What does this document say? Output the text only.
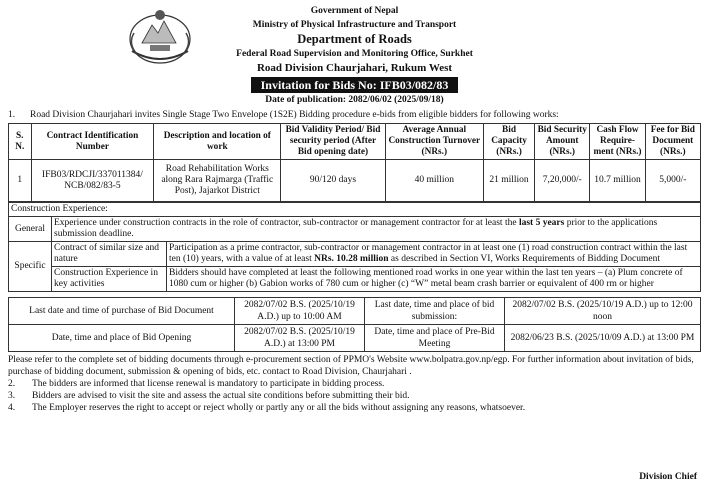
Government of Nepal
Ministry of Physical Infrastructure and Transport
Department of Roads
Federal Road Supervision and Monitoring Office, Surkhet
Road Division Chaurjahari, Rukum West
Invitation for Bids No: IFB03/082/83
Date of publication: 2082/06/02 (2025/09/18)
1. Road Division Chaurjahari invites Single Stage Two Envelope (1S2E) Bidding procedure e-bids from eligible bidders for following works:
S. N.	Contract Identification Number	Description and location of work	Bid Validity Period/ Bid security period (After Bid opening date)	Average Annual Construction Turnover (NRs.)	Bid Capacity (NRs.)	Bid Security Amount (NRs.)	Cash Flow Require-ment (NRs.)	Fee for Bid Document (NRs.)
1	IFB03/RDCJI/337011384/ NCB/082/83-5	Road Rehabilitation Works along Rara Rajmarga (Traffic Post), Jajarkot District	90/120 days	40 million	21 million	7,20,000/-	10.7 million	5,000/-
Construction Experience:
General	Experience under construction contracts in the role of contractor, sub-contractor or management contractor for at least the last 5 years prior to the applications submission deadline.	
Specific	Contract of similar size and nature	Participation as a prime contractor, sub-contractor or management contractor in at least one (1) road construction contract within the last ten (10) years, with a value of at least NRs. 10.28 million as described in Section VI, Works Requirements of Bidding Document
	Construction Experience in key activities	Bidders should have completed at least the following mentioned road works in one year within the last ten years – (a) Plum concrete of 1080 cum or higher (b) Gabion works of 780 cum or higher (c) “W” metal beam crash barrier or equivalent of 400 rm or higher
Last date and time of purchase of Bid Document	2082/07/02 B.S. (2025/10/19 A.D.) up to 10:00 AM	Last date, time and place of bid submission:	2082/07/02 B.S. (2025/10/19 A.D.) up to 12:00 noon
Date, time and place of Bid Opening	2082/07/02 B.S. (2025/10/19 A.D.) at 13:00 PM	Date, time and place of Pre-Bid Meeting	2082/06/23 B.S. (2025/10/09 A.D.) at 13:00 PM
Please refer to the complete set of bidding documents through e-procurement section of PPMO's Website www.bolpatra.gov.np/egp. For further information about invitation of bids, purchase of bidding document, submission & opening of bids, etc. contact to Road Division, Chaurjahari .
2.	The bidders are informed that license renewal is mandatory to participate in bidding process.
3.	Bidders are advised to visit the site and assess the actual site conditions before submitting their bid.
4.	The Employer reserves the right to accept or reject wholly or partly any or all the bids without assigning any reasons, whatsoever.
Division Chief
